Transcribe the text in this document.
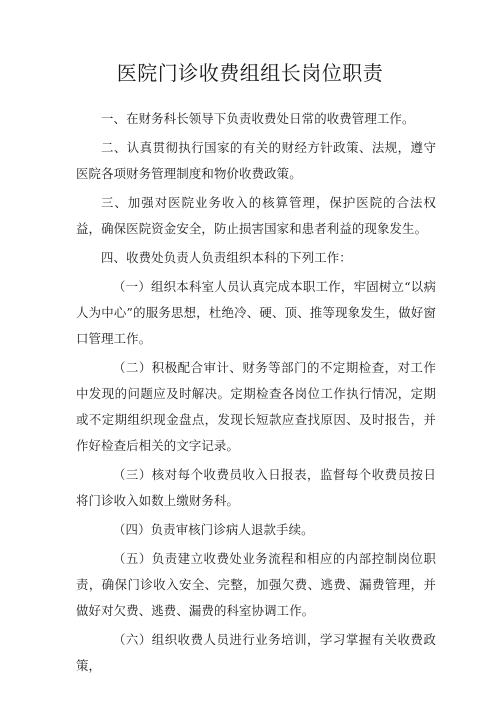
医院门诊收费组组长岗位职责

一、在财务科长领导下负责收费处日常的收费管理工作。

二、认真贯彻执行国家的有关的财经方针政策、法规，遵守医院各项财务管理制度和物价收费政策。

三、加强对医院业务收入的核算管理，保护医院的合法权益，确保医院资金安全，防止损害国家和患者利益的现象发生。

四、收费处负责人负责组织本科的下列工作：

（一）组织本科室人员认真完成本职工作，牢固树立“以病人为中心”的服务思想，杜绝冷、硬、顶、推等现象发生，做好窗口管理工作。

（二）积极配合审计、财务等部门的不定期检查，对工作中发现的问题应及时解决。定期检查各岗位工作执行情况，定期或不定期组织现金盘点，发现长短款应查找原因、及时报告，并作好检查后相关的文字记录。

（三）核对每个收费员收入日报表，监督每个收费员按日将门诊收入如数上缴财务科。

（四）负责审核门诊病人退款手续。

（五）负责建立收费处业务流程和相应的内部控制岗位职责，确保门诊收入安全、完整，加强欠费、逃费、漏费管理，并做好对欠费、逃费、漏费的科室协调工作。

（六）组织收费人员进行业务培训，学习掌握有关收费政策，
